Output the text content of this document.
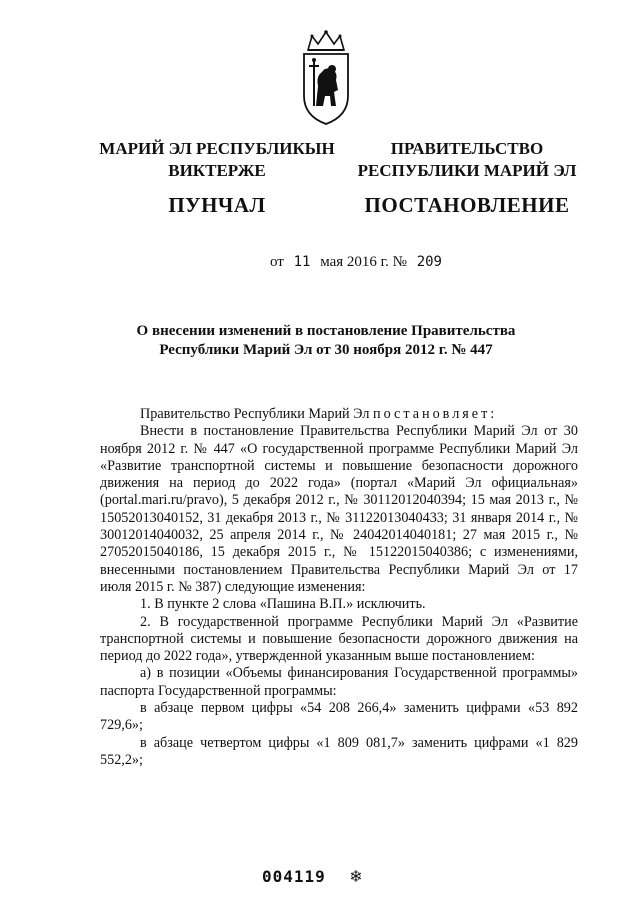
МАРИЙ ЭЛ РЕСПУБЛИКЫН
ВИКТЕРЖЕ
ПУНЧАЛ
ПРАВИТЕЛЬСТВО
РЕСПУБЛИКИ МАРИЙ ЭЛ
ПОСТАНОВЛЕНИЕ
от 11 мая 2016 г. № 209
О внесении изменений в постановление Правительства
Республики Марий Эл от 30 ноября 2012 г. № 447

Правительство Республики Марий Эл постановляет:

Внести в постановление Правительства Республики Марий Эл от 30 ноября 2012 г. № 447 «О государственной программе Республики Марий Эл «Развитие транспортной системы и повышение безопасности дорожного движения на период до 2022 года» (портал «Марий Эл официальная» (portal.mari.ru/pravo), 5 декабря 2012 г., № 30112012040394; 15 мая 2013 г., № 15052013040152, 31 декабря 2013 г., № 31122013040433; 31 января 2014 г., № 30012014040032, 25 апреля 2014 г., № 24042014040181; 27 мая 2015 г., № 27052015040186, 15 декабря 2015 г., № 15122015040386; с изменениями, внесенными постановлением Правительства Республики Марий Эл от 17 июля 2015 г. № 387) следующие изменения:

1. В пункте 2 слова «Пашина В.П.» исключить.

2. В государственной программе Республики Марий Эл «Развитие транспортной системы и повышение безопасности дорожного движения на период до 2022 года», утвержденной указанным выше постановлением:

а) в позиции «Объемы финансирования Государственной программы» паспорта Государственной программы:

в абзаце первом цифры «54 208 266,4» заменить цифрами «53 892 729,6»;

в абзаце четвертом цифры «1 809 081,7» заменить цифрами «1 829 552,2»;

004119 ❄
